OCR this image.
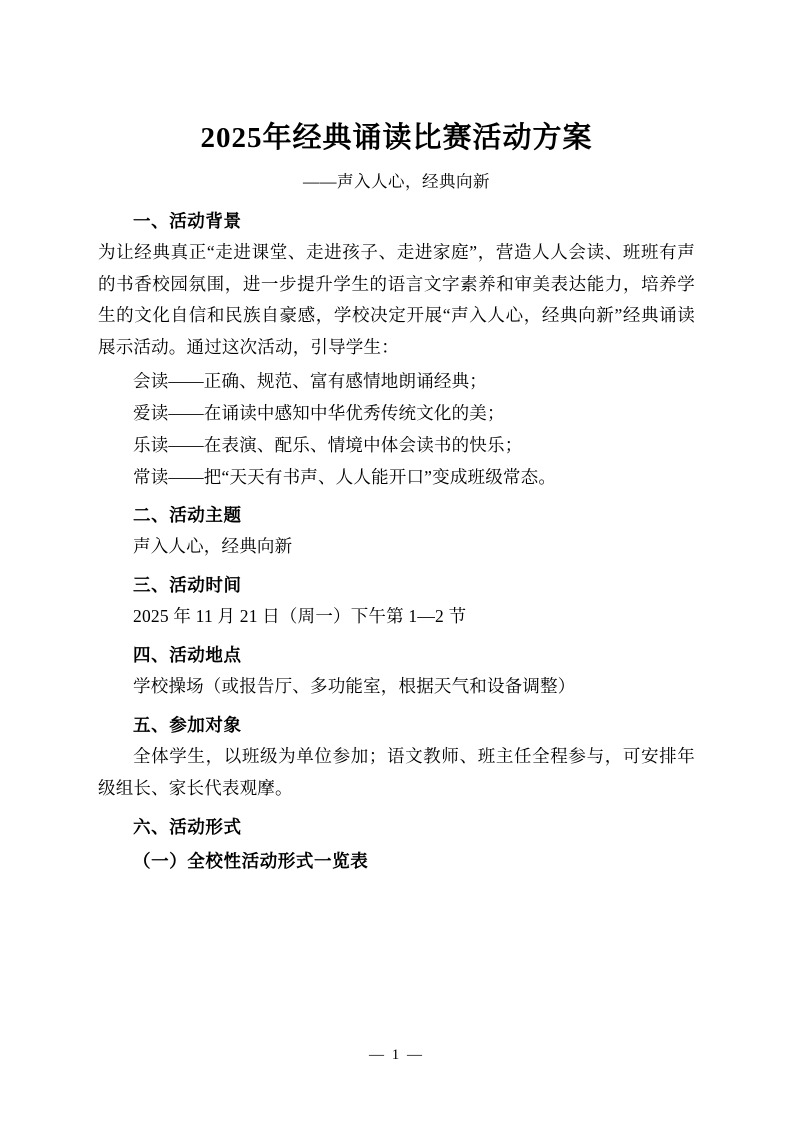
2025年经典诵读比赛活动方案
——声入人心，经典向新
一、活动背景

为让经典真正“走进课堂、走进孩子、走进家庭”，营造人人会读、班班有声的书香校园氛围，进一步提升学生的语言文字素养和审美表达能力，培养学生的文化自信和民族自豪感，学校决定开展“声入人心，经典向新”经典诵读展示活动。通过这次活动，引导学生：

会读——正确、规范、富有感情地朗诵经典；

爱读——在诵读中感知中华优秀传统文化的美；

乐读——在表演、配乐、情境中体会读书的快乐；

常读——把“天天有书声、人人能开口”变成班级常态。

二、活动主题

声入人心，经典向新

三、活动时间

2025 年 11 月 21 日（周一）下午第 1—2 节

四、活动地点

学校操场（或报告厅、多功能室，根据天气和设备调整）

五、参加对象

全体学生，以班级为单位参加；语文教师、班主任全程参与，可安排年级组长、家长代表观摩。

六、活动形式
（一）全校性活动形式一览表
— 1 —
